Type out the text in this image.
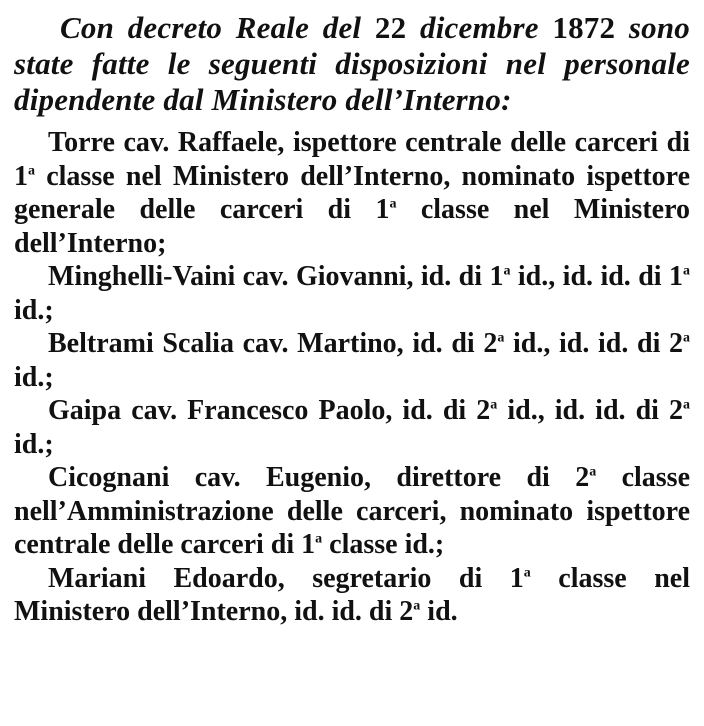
Con decreto Reale del 22 dicembre 1872 sono state fatte le seguenti disposizioni nel personale dipendente dal Ministero dell’Interno:

Torre cav. Raffaele, ispettore centrale delle carceri di 1$^a$ classe nel Ministero dell’Interno, nominato ispettore generale delle carceri di 1$^a$ classe nel Ministero dell’Interno;

Minghelli-Vaini cav. Giovanni, id. di 1$^a$ id., id. id. di 1$^a$ id.;

Beltrami Scalia cav. Martino, id. di 2$^a$ id., id. id. di 2$^a$ id.;

Gaipa cav. Francesco Paolo, id. di 2$^a$ id., id. id. di 2$^a$ id.;

Cicognani cav. Eugenio, direttore di 2$^a$ classe nell’Amministrazione delle carceri, nominato ispettore centrale delle carceri di 1$^a$ classe id.;

Mariani Edoardo, segretario di 1$^a$ classe nel Ministero dell’Interno, id. id. di 2$^a$ id.
